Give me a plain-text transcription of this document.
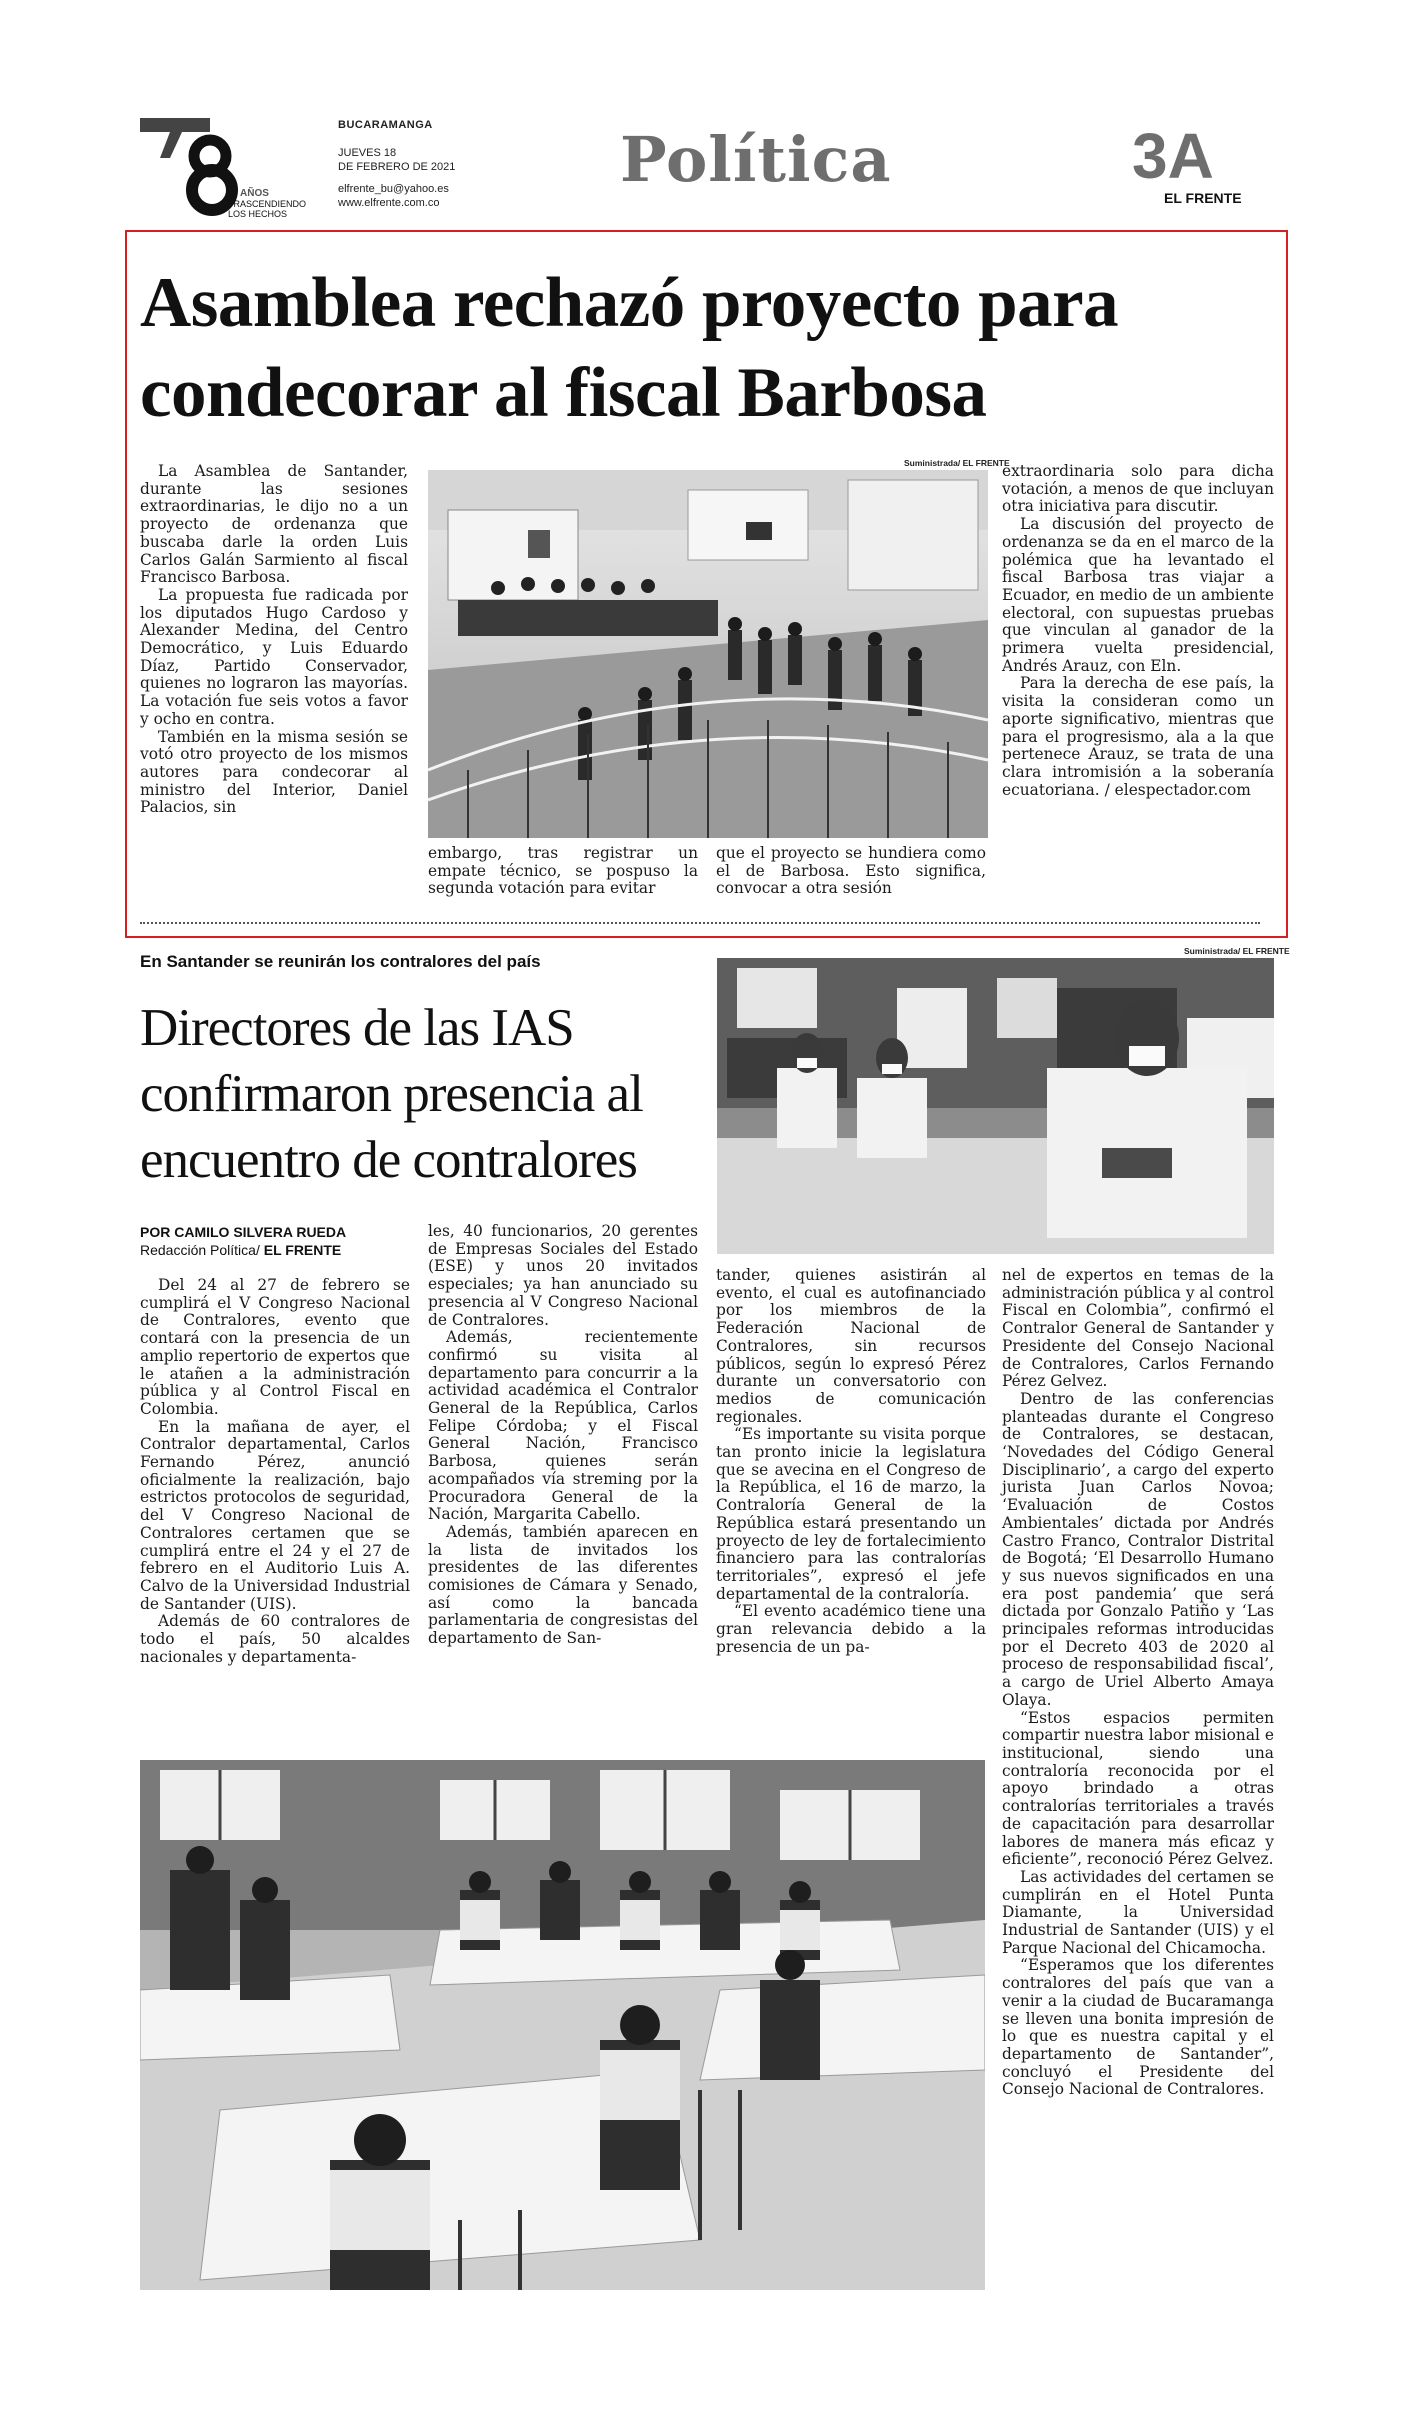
AÑOS
TRASCENDIENDO
LOS HECHOS
BUCARAMANGA
JUEVES 18
DE FEBRERO DE 2021
elfrente_bu@yahoo.es
www.elfrente.com.co
Política	3A
EL FRENTE
Asamblea rechazó proyecto para
condecorar al fiscal Barbosa

La Asamblea de Santander, durante las sesiones extraordinarias, le dijo no a un proyecto de ordenanza que buscaba darle la orden Luis Carlos Galán Sarmiento al fiscal Francisco Barbosa.

La propuesta fue radicada por los diputados Hugo Cardoso y Alexander Medina, del Centro Democrático, y Luis Eduardo Díaz, Partido Conservador, quienes no lograron las mayorías. La votación fue seis votos a favor y ocho en contra.

También en la misma sesión se votó otro proyecto de los mismos autores para condecorar al ministro del Interior, Daniel Palacios, sin

Suministrada/ EL FRENTE

embargo, tras registrar un empate técnico, se pospuso la segunda votación para evitar

que el proyecto se hundiera como el de Barbosa. Esto significa, convocar a otra sesión

extraordinaria solo para dicha votación, a menos de que incluyan otra iniciativa para discutir.

La discusión del proyecto de ordenanza se da en el marco de la polémica que ha levantado el fiscal Barbosa tras viajar a Ecuador, en medio de un ambiente electoral, con supuestas pruebas que vinculan al ganador de la primera vuelta presidencial, Andrés Arauz, con Eln.

Para la derecha de ese país, la visita la consideran como un aporte significativo, mientras que para el progresismo, ala a la que pertenece Arauz, se trata de una clara intromisión a la soberanía ecuatoriana. / elespectador.com

En Santander se reunirán los contralores del país
Directores de las IAS
confirmaron presencia al
encuentro de contralores
Suministrada/ EL FRENTE
POR CAMILO SILVERA RUEDA
Redacción Política/ EL FRENTE

Del 24 al 27 de febrero se cumplirá el V Congreso Nacional de Contralores, evento que contará con la presencia de un amplio repertorio de expertos que le atañen a la administración pública y al Control Fiscal en Colombia.

En la mañana de ayer, el Contralor departamental, Carlos Fernando Pérez, anunció oficialmente la realización, bajo estrictos protocolos de seguridad, del V Congreso Nacional de Contralores certamen que se cumplirá entre el 24 y el 27 de febrero en el Auditorio Luis A. Calvo de la Universidad Industrial de Santander (UIS).

Además de 60 contralores de todo el país, 50 alcaldes nacionales y departamenta-

les, 40 funcionarios, 20 gerentes de Empresas Sociales del Estado (ESE) y unos 20 invitados especiales; ya han anunciado su presencia al V Congreso Nacional de Contralores.

Además, recientemente confirmó su visita al departamento para concurrir a la actividad académica el Contralor General de la República, Carlos Felipe Córdoba; y el Fiscal General Nación, Francisco Barbosa, quienes serán acompañados vía streming por la Procuradora General de la Nación, Margarita Cabello.

Además, también aparecen en la lista de invitados los presidentes de las diferentes comisiones de Cámara y Senado, así como la bancada parlamentaria de congresistas del departamento de San-

tander, quienes asistirán al evento, el cual es autofinanciado por los miembros de la Federación Nacional de Contralores, sin recursos públicos, según lo expresó Pérez durante un conversatorio con medios de comunicación regionales.

“Es importante su visita porque tan pronto inicie la legislatura que se avecina en el Congreso de la República, el 16 de marzo, la Contraloría General de la República estará presentando un proyecto de ley de fortalecimiento financiero para las contralorías territoriales”, expresó el jefe departamental de la contraloría.

“El evento académico tiene una gran relevancia debido a la presencia de un pa-

nel de expertos en temas de la administración pública y al control Fiscal en Colombia”, confirmó el Contralor General de Santander y Presidente del Consejo Nacional de Contralores, Carlos Fernando Pérez Gelvez.

Dentro de las conferencias planteadas durante el Congreso de Contralores, se destacan, ‘Novedades del Código General Disciplinario’, a cargo del experto jurista Juan Carlos Novoa; ‘Evaluación de Costos Ambientales’ dictada por Andrés Castro Franco, Contralor Distrital de Bogotá; ‘El Desarrollo Humano y sus nuevos significados en una era post pandemia’ que será dictada por Gonzalo Patiño y ‘Las principales reformas introducidas por el Decreto 403 de 2020 al proceso de responsabilidad fiscal’, a cargo de Uriel Alberto Amaya Olaya.

“Estos espacios permiten compartir nuestra labor misional e institucional, siendo una contraloría reconocida por el apoyo brindado a otras contralorías territoriales a través de capacitación para desarrollar labores de manera más eficaz y eficiente”, reconoció Pérez Gelvez.

Las actividades del certamen se cumplirán en el Hotel Punta Diamante, la Universidad Industrial de Santander (UIS) y el Parque Nacional del Chicamocha.

“Esperamos que los diferentes contralores del país que van a venir a la ciudad de Bucaramanga se lleven una bonita impresión de lo que es nuestra capital y el departamento de Santander”, concluyó el Presidente del Consejo Nacional de Contralores.
